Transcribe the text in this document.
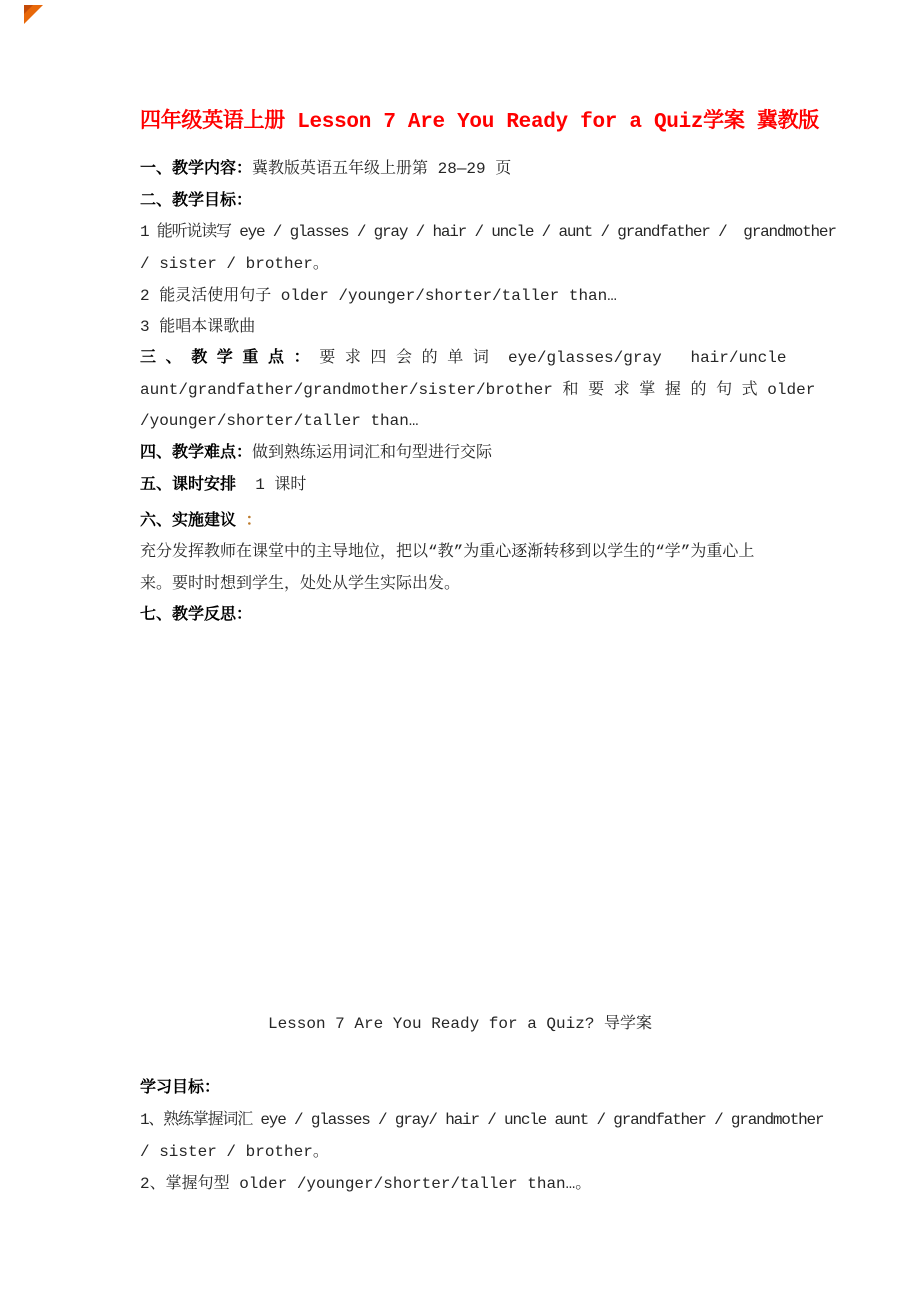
四年级英语上册 Lesson 7 Are You Ready for a Quiz学案 冀教版
一、教学内容：冀教版英语五年级上册第 28—29 页
二、教学目标：
1 能听说读写 eye / glasses / gray / hair / uncle / aunt / grandfather /  grandmother
/ sister / brother。
2 能灵活使用句子 older /younger/shorter/taller than…
3 能唱本课歌曲
三 、 教 学 重 点 ： 要 求 四 会 的 单 词  eye/glasses/gray   hair/uncle
aunt/grandfather/grandmother/sister/brother 和 要 求 掌 握 的 句 式 older
/younger/shorter/taller than…
四、教学难点：做到熟练运用词汇和句型进行交际
五、课时安排  1 课时
六、实施建议 ：
充分发挥教师在课堂中的主导地位，把以“教”为重心逐渐转移到以学生的“学”为重心上
来。要时时想到学生，处处从学生实际出发。
七、教学反思：
Lesson 7 Are You Ready for a Quiz? 导学案
学习目标：
1、熟练掌握词汇 eye / glasses / gray/ hair / uncle aunt / grandfather / grandmother
/ sister / brother。
2、掌握句型 older /younger/shorter/taller than…。
